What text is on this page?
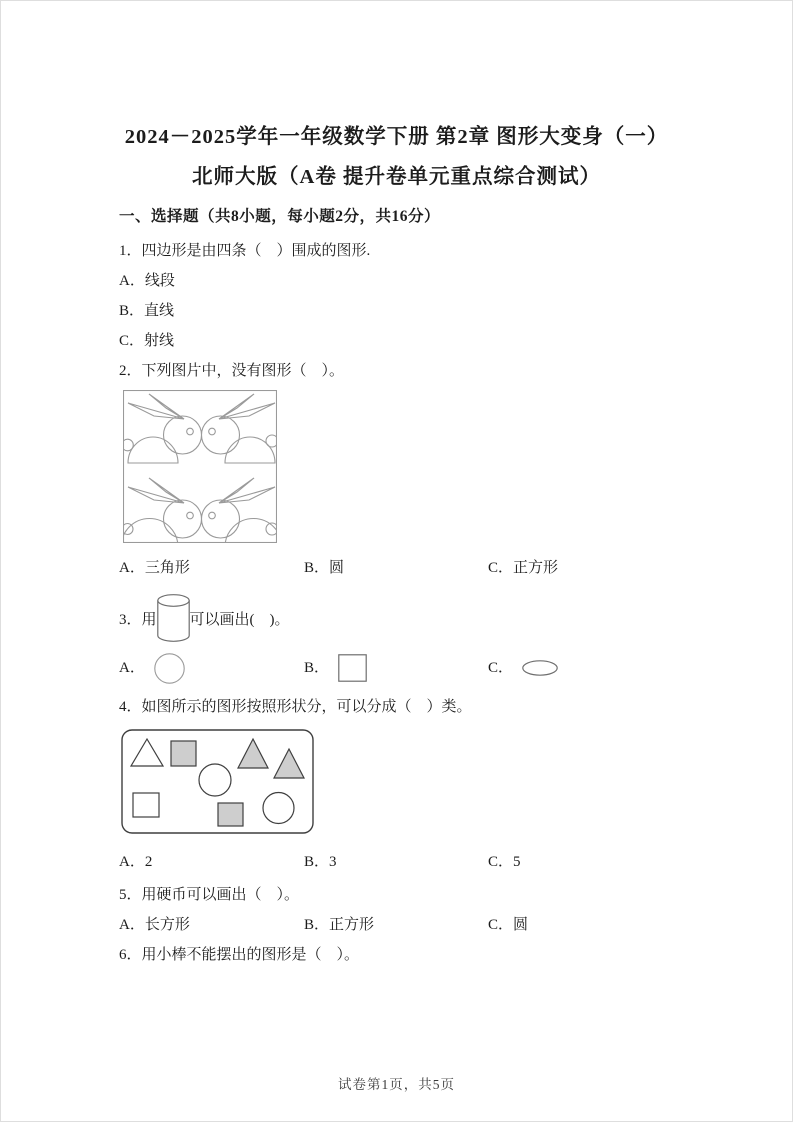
2024－2025学年一年级数学下册 第2章 图形大变身（一）
北师大版（A卷 提升卷单元重点综合测试）
一、选择题（共8小题，每小题2分，共16分）
1．四边形是由四条（　）围成的图形.
A．线段
B．直线
C．射线
2．下列图片中，没有图形（　）。
A．三角形	B．圆	C．正方形
3．用 可以画出(　)。
A．	B．	C．
4．如图所示的图形按照形状分，可以分成（　）类。
A．2	B．3	C．5
5．用硬币可以画出（　）。
A．长方形	B．正方形	C．圆
6．用小棒不能摆出的图形是（　）。
试卷第1页，共5页
